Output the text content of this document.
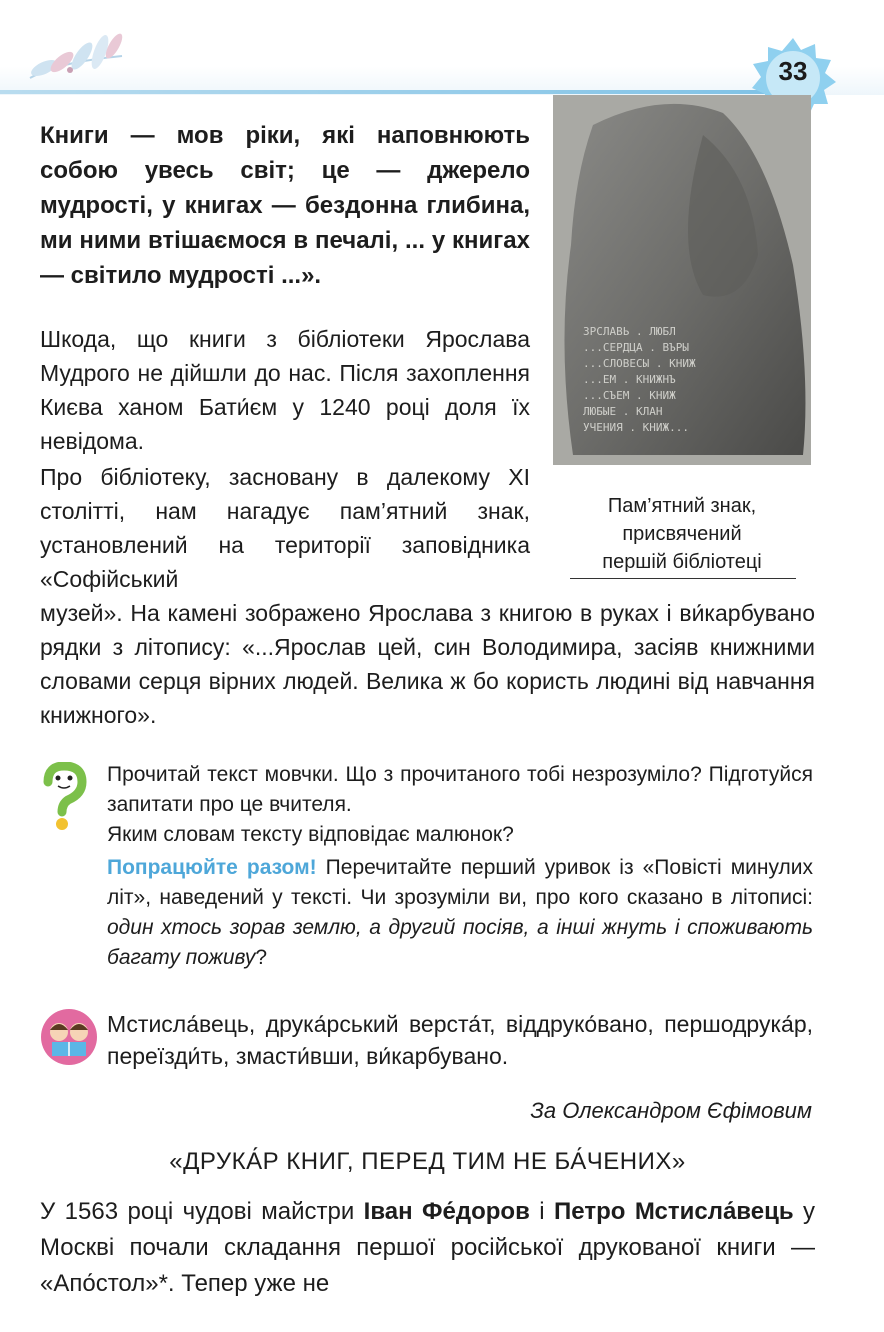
33

Книги — мов ріки, які наповнюють собою увесь світ; це — джерело мудрості, у книгах — бездонна глибина, ми ними втішаємося в печалі, ... у книгах — світило мудрості ...».

Шкода, що книги з бібліотеки Ярослава Мудрого не дійшли до нас. Після захоплення Києва ханом Бати́єм у 1240 році доля їх невідома.

Про бібліотеку, засновану в далекому XI столітті, нам нагадує пам’ятний знак, установлений на території заповідника «Софійський

музей». На камені зображено Ярослава з книгою в руках і ви́карбувано рядки з літопису: «...Ярослав цей, син Володимира, засіяв книжними словами серця вірних людей. Велика ж бо користь людині від навчання книжного».

ЗРСЛАВЬ . ЛЮБЛ
...СЕРДЦА . ВЪРЫ
...СЛОВЕСЫ . КНИЖ
...ЕМ . КНИЖНЪ
...СЪЕМ . КНИЖ
ЛЮБЫЕ . КЛАН
УЧЕНИЯ . КНИЖ...
Пам’ятний знак,
присвячений
першій бібліотеці

Прочитай текст мовчки. Що з прочитаного тобі незрозуміло? Підготуйся запитати про це вчителя.

Яким словам тексту відповідає малюнок?

Попрацюйте разом! Перечитайте перший уривок із «Повісті минулих літ», наведений у тексті. Чи зрозуміли ви, про кого сказано в літописі: один хтось зорав землю, а другий посіяв, а інші жнуть і споживають багату поживу?

Мстисла́вець, друка́рський верста́т, віддруко́вано, першодрука́р, переїзди́ть, змасти́вши, ви́карбувано.

За Олександром Єфімовим

«ДРУКА́Р КНИГ, ПЕРЕД ТИМ НЕ БА́ЧЕНИХ»

У 1563 році чудові майстри Іван Фе́доров і Петро Мстисла́вець у Москві почали складання першої російської друкованої книги — «Апо́стол»*. Тепер уже не
